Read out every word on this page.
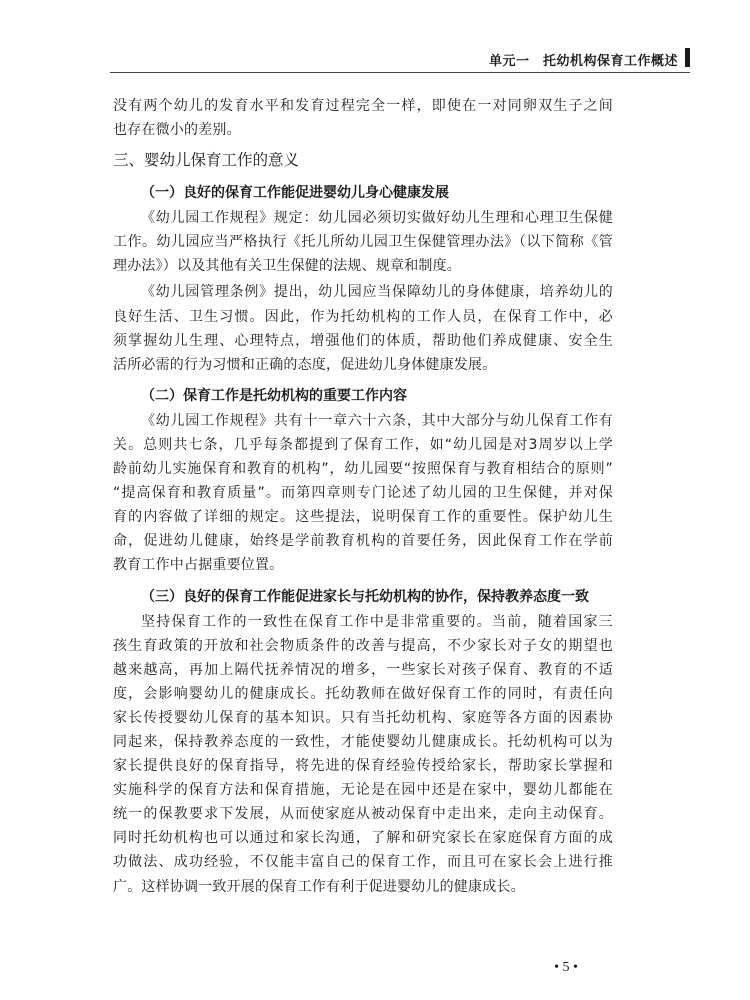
单元一　托幼机构保育工作概述
没有两个幼儿的发育水平和发育过程完全一样，即使在一对同卵双生子之间
也存在微小的差别。
三、婴幼儿保育工作的意义
（一）良好的保育工作能促进婴幼儿身心健康发展
《幼儿园工作规程》规定：幼儿园必须切实做好幼儿生理和心理卫生保健
工作。幼儿园应当严格执行《托儿所幼儿园卫生保健管理办法》（以下简称《管
理办法》）以及其他有关卫生保健的法规、规章和制度。
《幼儿园管理条例》提出，幼儿园应当保障幼儿的身体健康，培养幼儿的
良好生活、卫生习惯。因此，作为托幼机构的工作人员，在保育工作中，必
须掌握幼儿生理、心理特点，增强他们的体质，帮助他们养成健康、安全生
活所必需的行为习惯和正确的态度，促进幼儿身体健康发展。
（二）保育工作是托幼机构的重要工作内容
《幼儿园工作规程》共有十一章六十六条，其中大部分与幼儿保育工作有
关。总则共七条，几乎每条都提到了保育工作，如“幼儿园是对3周岁以上学
龄前幼儿实施保育和教育的机构”，幼儿园要“按照保育与教育相结合的原则”
“提高保育和教育质量”。而第四章则专门论述了幼儿园的卫生保健，并对保
育的内容做了详细的规定。这些提法，说明保育工作的重要性。保护幼儿生
命，促进幼儿健康，始终是学前教育机构的首要任务，因此保育工作在学前
教育工作中占据重要位置。
（三）良好的保育工作能促进家长与托幼机构的协作，保持教养态度一致
坚持保育工作的一致性在保育工作中是非常重要的。当前，随着国家三
孩生育政策的开放和社会物质条件的改善与提高，不少家长对子女的期望也
越来越高，再加上隔代抚养情况的增多，一些家长对孩子保育、教育的不适
度，会影响婴幼儿的健康成长。托幼教师在做好保育工作的同时，有责任向
家长传授婴幼儿保育的基本知识。只有当托幼机构、家庭等各方面的因素协
同起来，保持教养态度的一致性，才能使婴幼儿健康成长。托幼机构可以为
家长提供良好的保育指导，将先进的保育经验传授给家长，帮助家长掌握和
实施科学的保育方法和保育措施，无论是在园中还是在家中，婴幼儿都能在
统一的保教要求下发展，从而使家庭从被动保育中走出来，走向主动保育。
同时托幼机构也可以通过和家长沟通，了解和研究家长在家庭保育方面的成
功做法、成功经验，不仅能丰富自己的保育工作，而且可在家长会上进行推
广。这样协调一致开展的保育工作有利于促进婴幼儿的健康成长。
• 5 •
